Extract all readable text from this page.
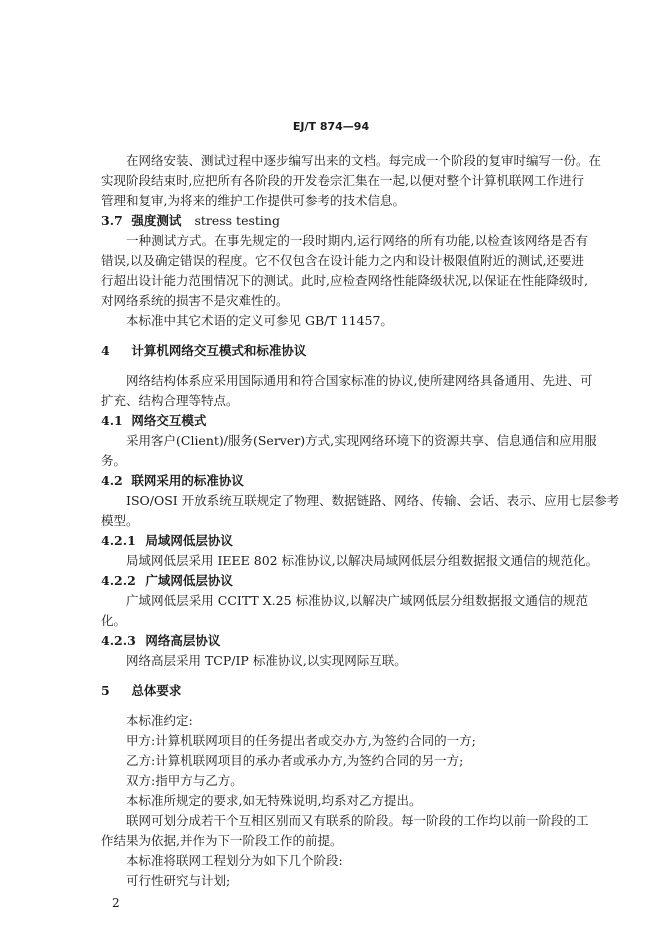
EJ/T 874—94
在网络安装、测试过程中逐步编写出来的文档。每完成一个阶段的复审时编写一份。在
实现阶段结束时,应把所有各阶段的开发卷宗汇集在一起,以便对整个计算机联网工作进行
管理和复审,为将来的维护工作提供可参考的技术信息。
3.7 强度测试 stress testing
一种测试方式。在事先规定的一段时期内,运行网络的所有功能,以检查该网络是否有
错误,以及确定错误的程度。它不仅包含在设计能力之内和设计极限值附近的测试,还要进
行超出设计能力范围情况下的测试。此时,应检查网络性能降级状况,以保证在性能降级时,
对网络系统的损害不是灾难性的。
本标准中其它术语的定义可参见 GB/T 11457。
4 计算机网络交互模式和标准协议
网络结构体系应采用国际通用和符合国家标准的协议,使所建网络具备通用、先进、可
扩充、结构合理等特点。
4.1 网络交互模式
采用客户(Client)/服务(Server)方式,实现网络环境下的资源共享、信息通信和应用服
务。
4.2 联网采用的标准协议
ISO/OSI 开放系统互联规定了物理、数据链路、网络、传输、会话、表示、应用七层参考
模型。
4.2.1 局域网低层协议
局域网低层采用 IEEE 802 标准协议,以解决局域网低层分组数据报文通信的规范化。
4.2.2 广域网低层协议
广域网低层采用 CCITT X.25 标准协议,以解决广域网低层分组数据报文通信的规范
化。
4.2.3 网络高层协议
网络高层采用 TCP/IP 标准协议,以实现网际互联。
5 总体要求
本标准约定:
甲方:计算机联网项目的任务提出者或交办方,为签约合同的一方;
乙方:计算机联网项目的承办者或承办方,为签约合同的另一方;
双方:指甲方与乙方。
本标准所规定的要求,如无特殊说明,均系对乙方提出。
联网可划分成若干个互相区别而又有联系的阶段。每一阶段的工作均以前一阶段的工
作结果为依据,并作为下一阶段工作的前提。
本标准将联网工程划分为如下几个阶段:
可行性研究与计划;
2
